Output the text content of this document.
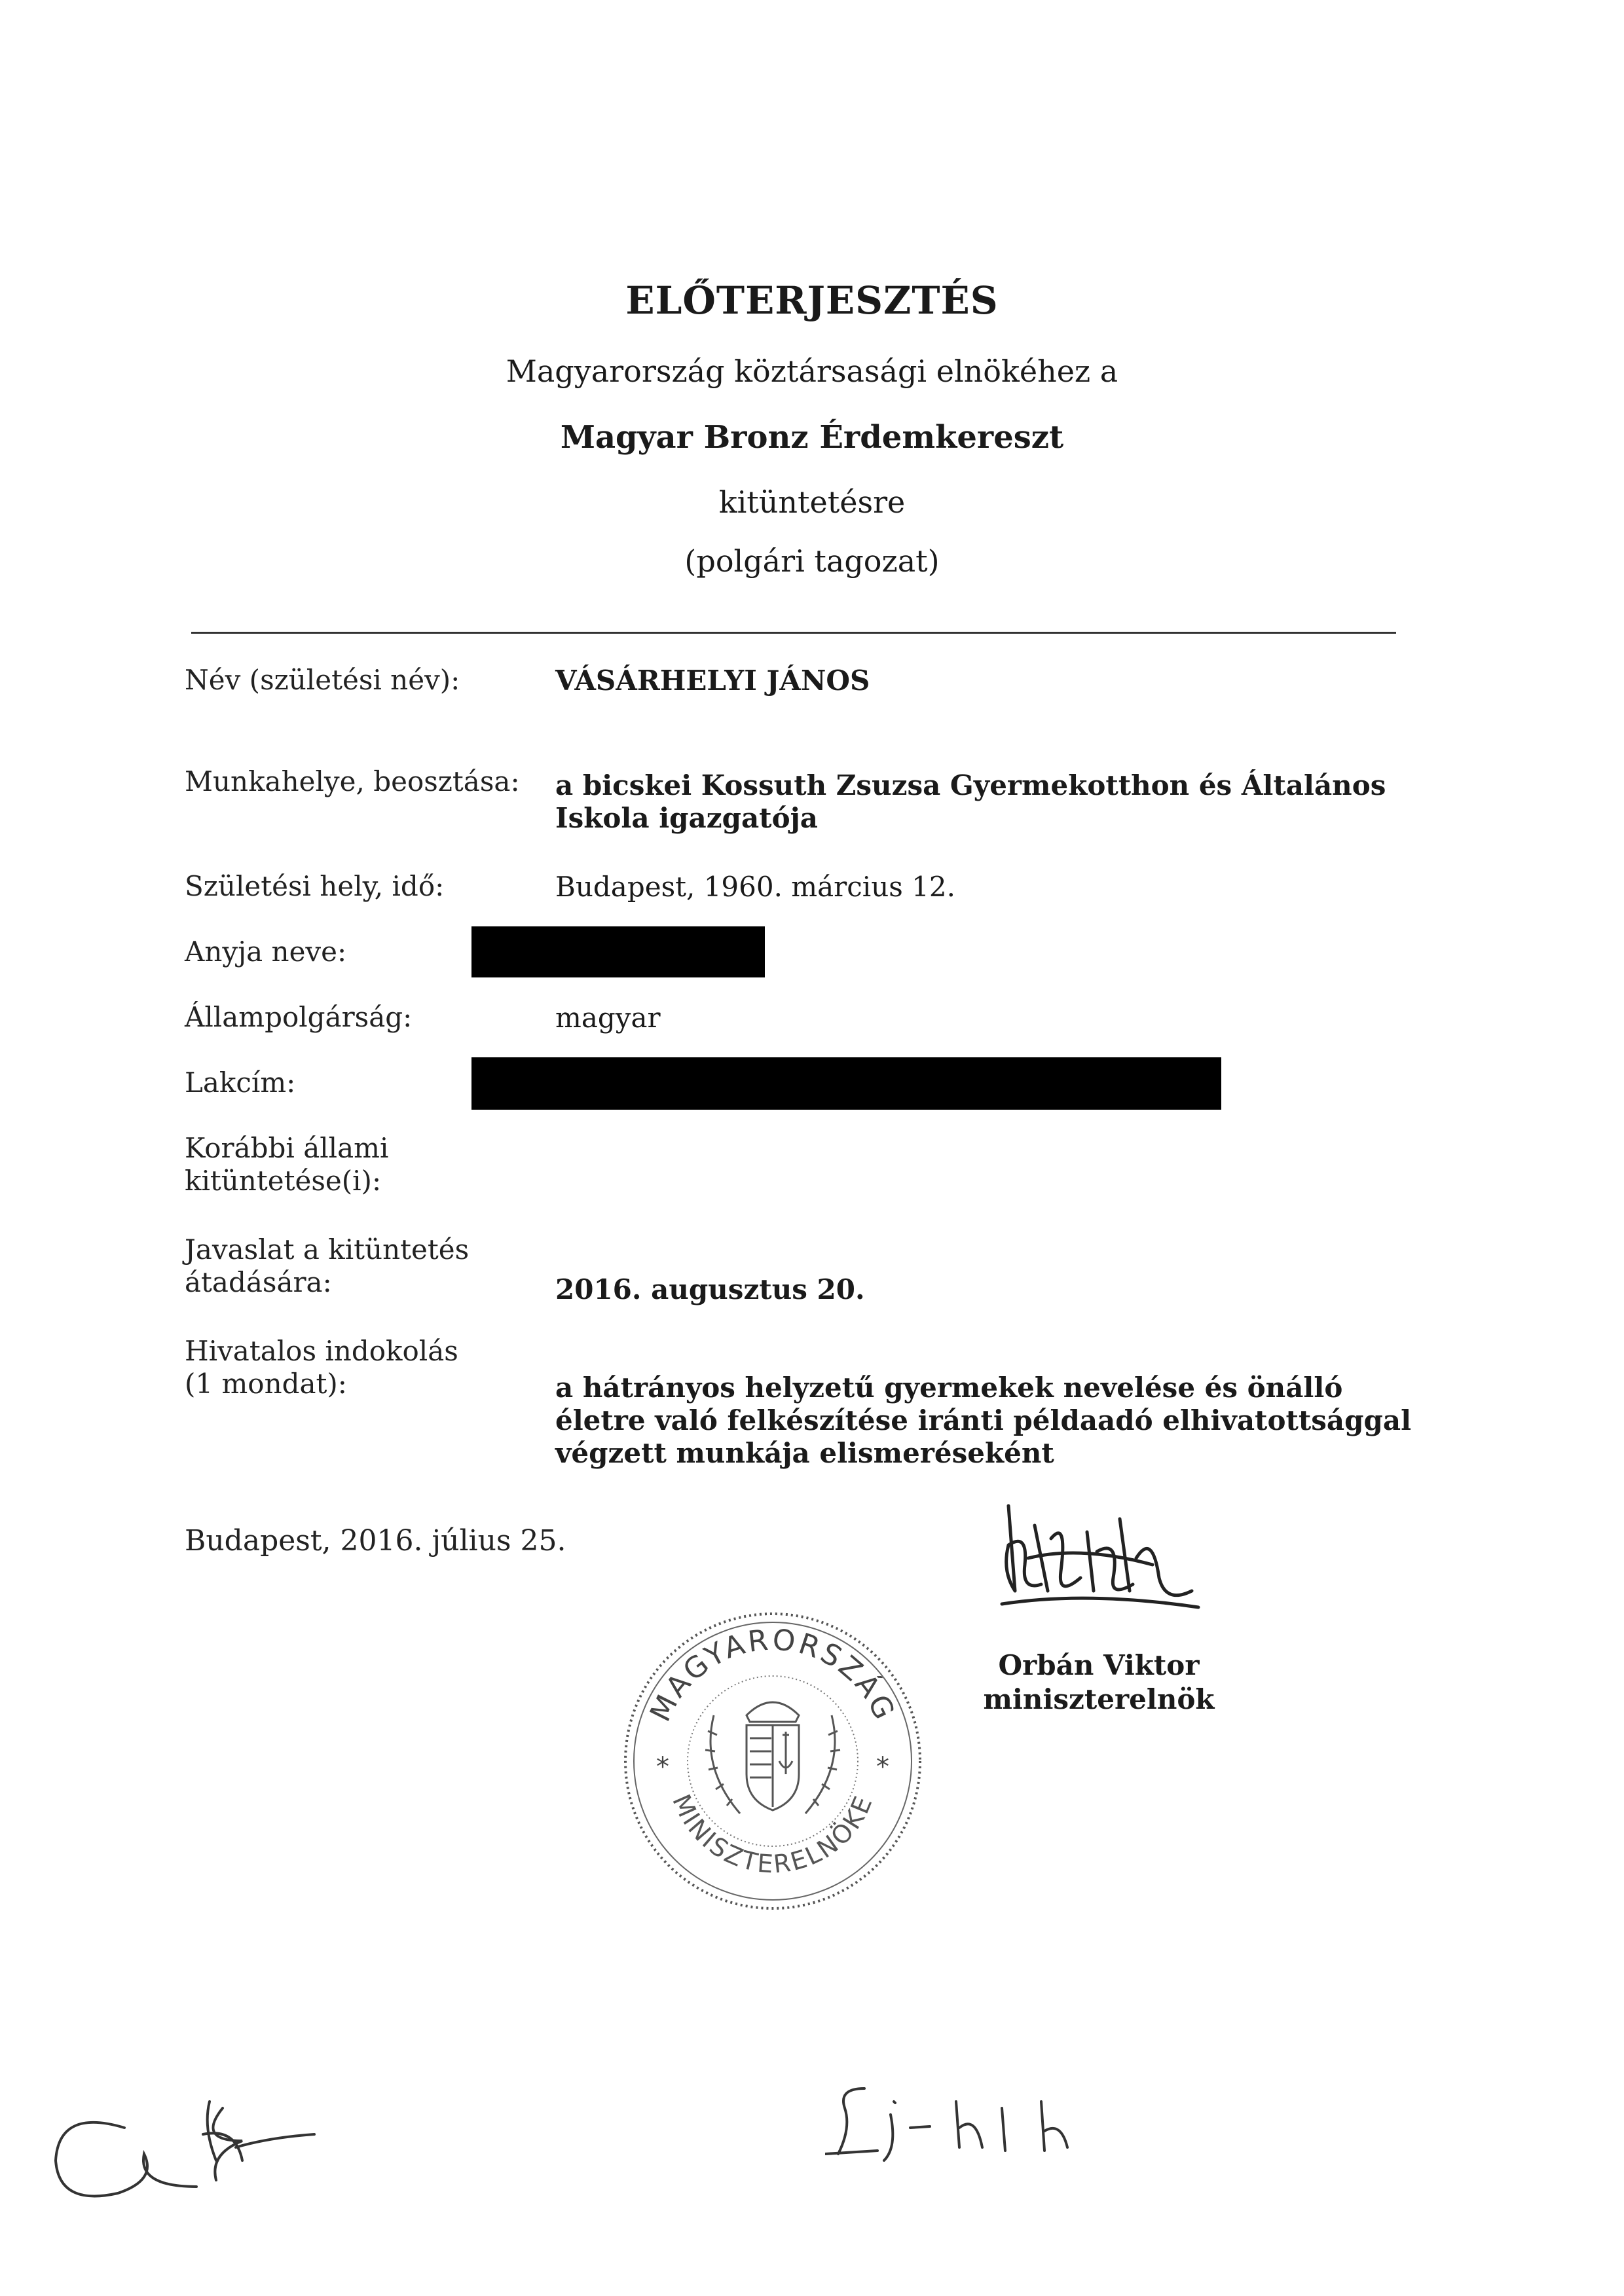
ELŐTERJESZTÉS
Magyarország köztársasági elnökéhez a
Magyar Bronz Érdemkereszt
kitüntetésre
(polgári tagozat)
Név (születési név):	VÁSÁRHELYI JÁNOS
Munkahelye, beosztása: a bicskei Kossuth Zsuzsa Gyermekotthon és Általános
Iskola igazgatója
Születési hely, idő:	Budapest, 1960. március 12.
Anyja neve:
Állampolgárság:	magyar
Lakcím:
Korábbi állami
kitüntetése(i):
Javaslat a kitüntetés
átadására:	2016. augusztus 20.
Hivatalos indokolás
(1 mondat):	a hátrányos helyzetű gyermekek nevelése és önálló
életre való felkészítése iránti példaadó elhivatottsággal
végzett munkája elismeréseként
Budapest, 2016. július 25.
Orbán Viktor
miniszterelnök
MAGYARORSZÁG
MINISZTERELNÖKE
*	*
